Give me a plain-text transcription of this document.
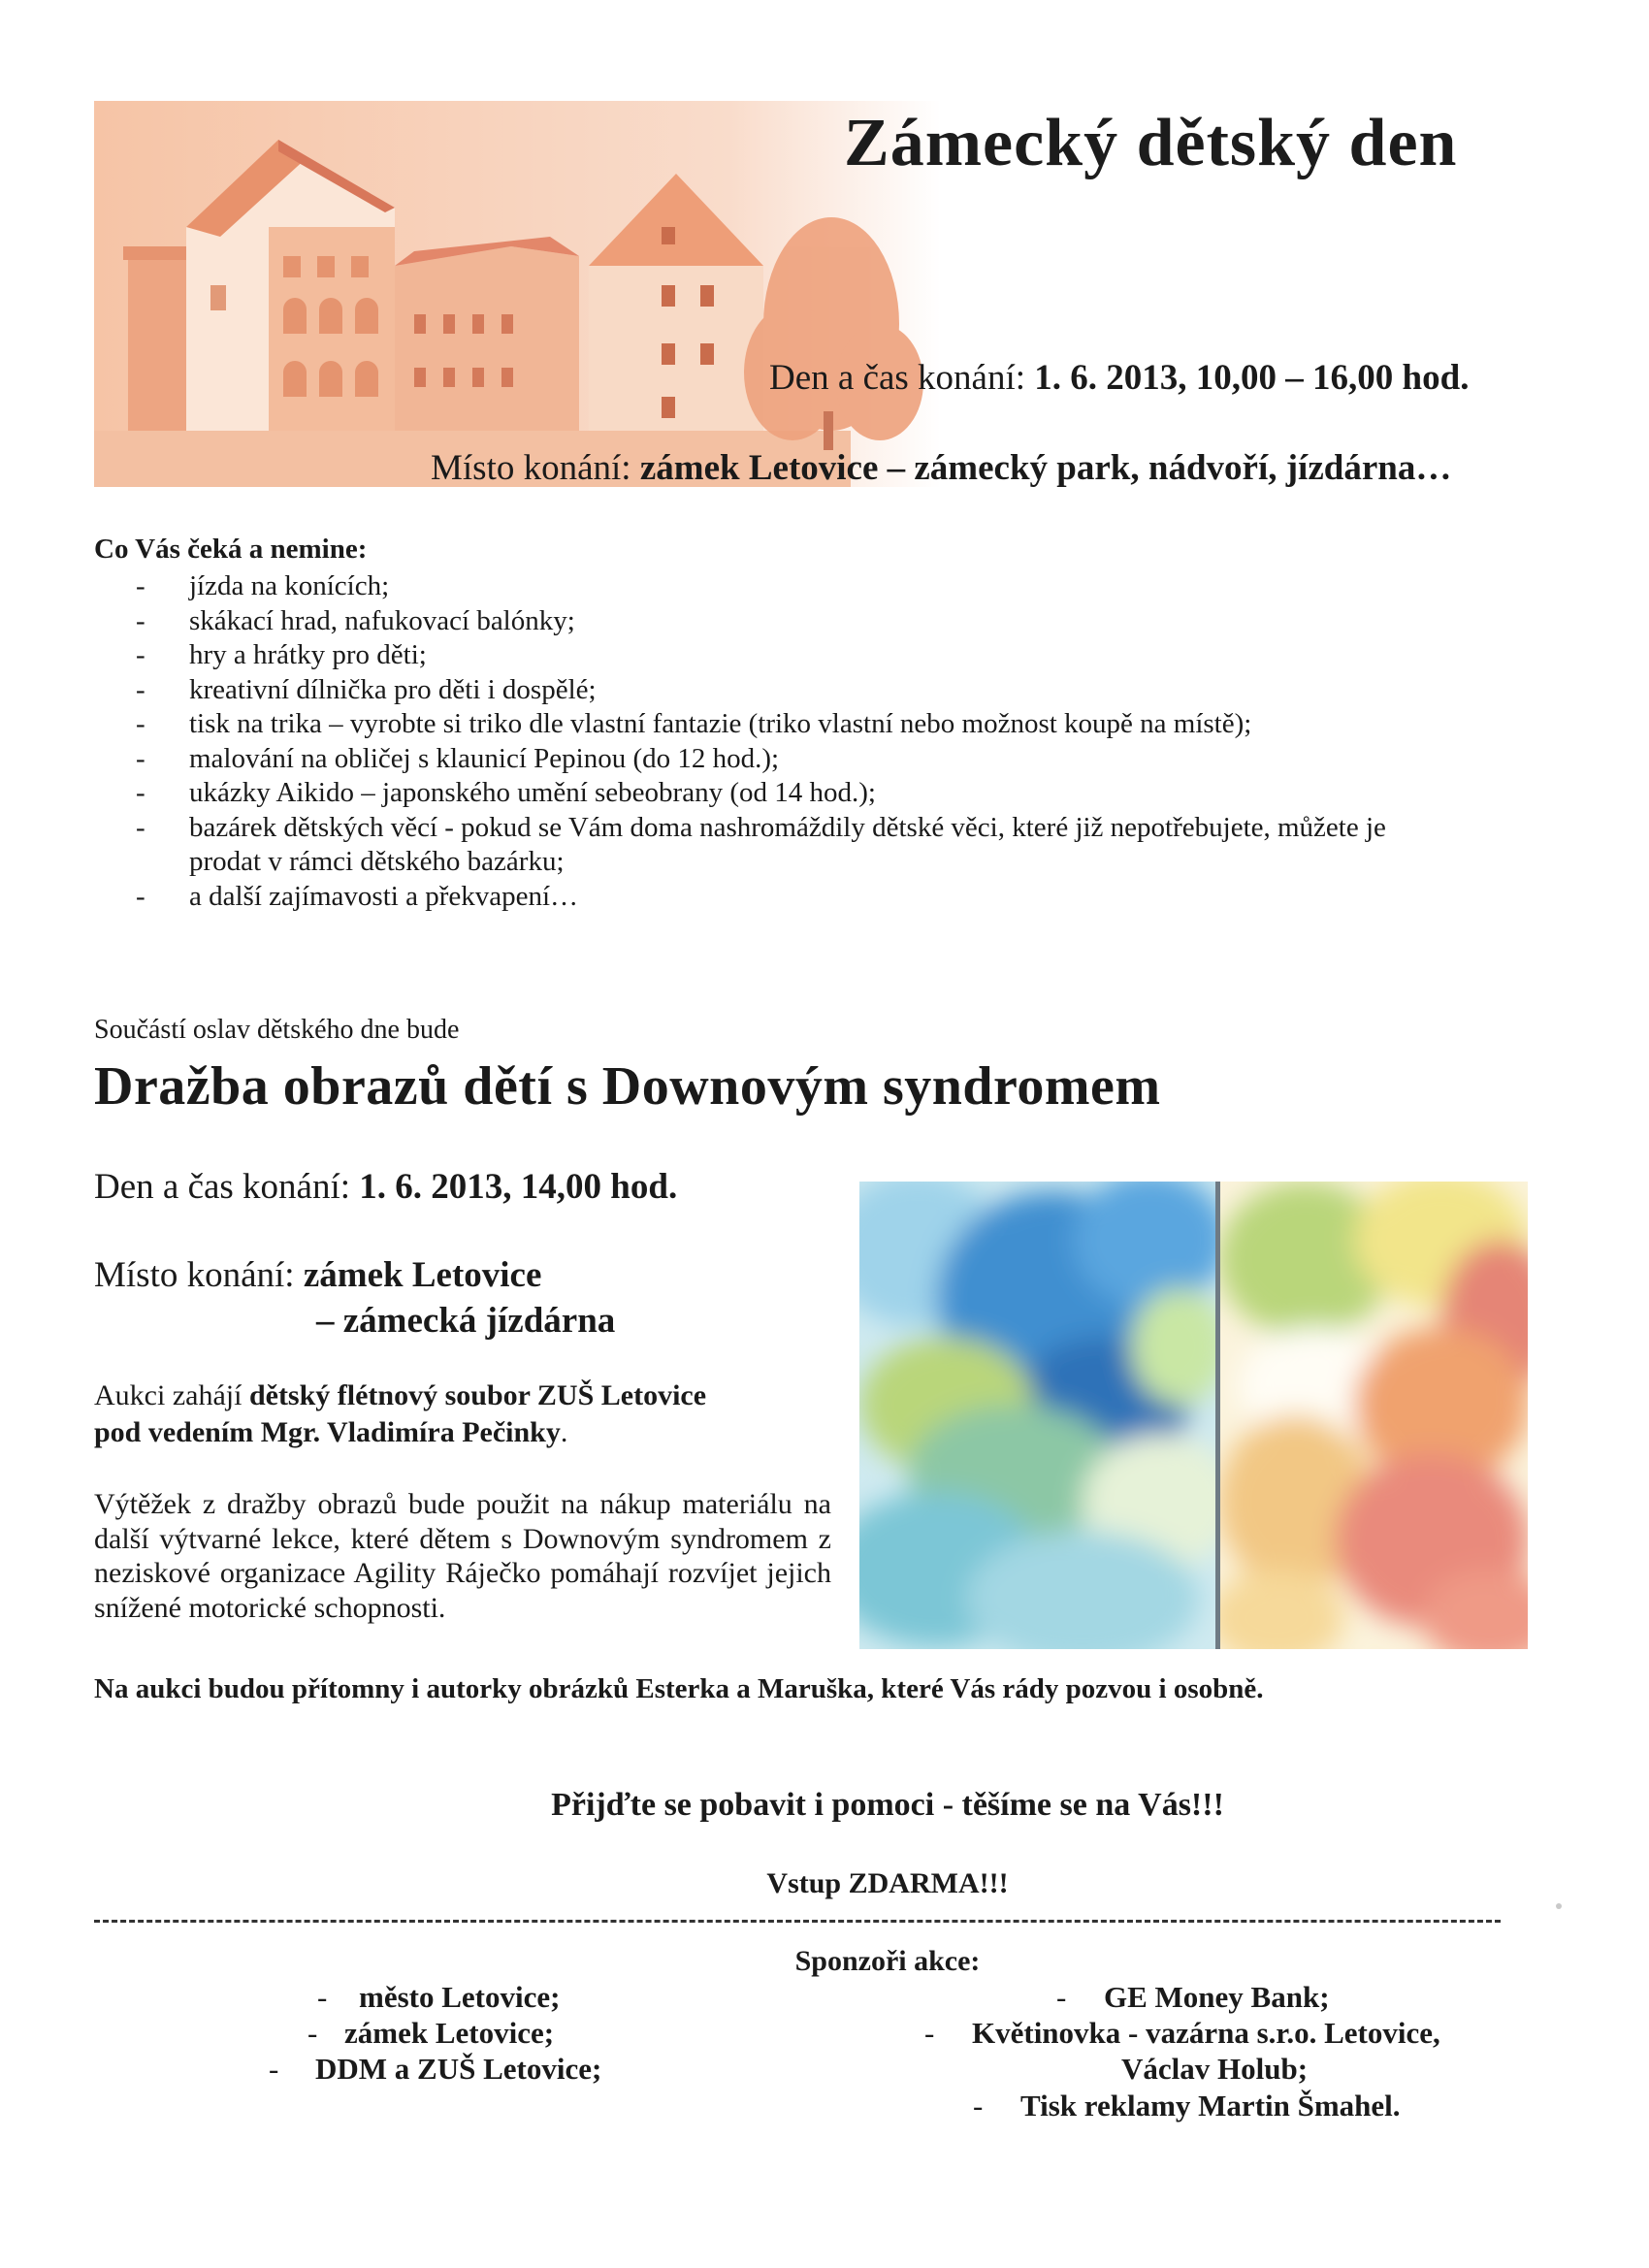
Zámecký dětský den
Den a čas konání: 1. 6. 2013, 10,00 – 16,00 hod.
Místo konání: zámek Letovice – zámecký park, nádvoří, jízdárna…
Co Vás čeká a nemine:
- jízda na konících;
- skákací hrad, nafukovací balónky;
- hry a hrátky pro děti;
- kreativní dílnička pro děti i dospělé;
- tisk na trika – vyrobte si triko dle vlastní fantazie (triko vlastní nebo možnost koupě na místě);
- malování na obličej s klaunicí Pepinou (do 12 hod.);
- ukázky Aikido – japonského umění sebeobrany (od 14 hod.);
- bazárek dětských věcí - pokud se Vám doma nashromáždily dětské věci, které již nepotřebujete, můžete je prodat v rámci dětského bazárku;
- a další zajímavosti a překvapení…
Součástí oslav dětského dne bude
Dražba obrazů dětí s Downovým syndromem
Den a čas konání: 1. 6. 2013, 14,00 hod.
Místo konání: zámek Letovice
– zámecká jízdárna
Aukci zahájí dětský flétnový soubor ZUŠ Letovice
pod vedením Mgr. Vladimíra Pečinky.
Výtěžek z dražby obrazů bude použit na nákup materiálu na další výtvarné lekce, které dětem s Downovým syndromem z neziskové organizace Agility Ráječko pomáhají rozvíjet jejich snížené motorické schopnosti.
Na aukci budou přítomny i autorky obrázků Esterka a Maruška, které Vás rády pozvou i osobně.
Přijďte se pobavit i pomoci - těšíme se na Vás!!!
Vstup ZDARMA!!!
Sponzoři akce:
- město Letovice;
- zámek Letovice;
- DDM a ZUŠ Letovice;
- GE Money Bank;
- Květinovka - vazárna s.r.o. Letovice,
Václav Holub;
- Tisk reklamy Martin Šmahel.
